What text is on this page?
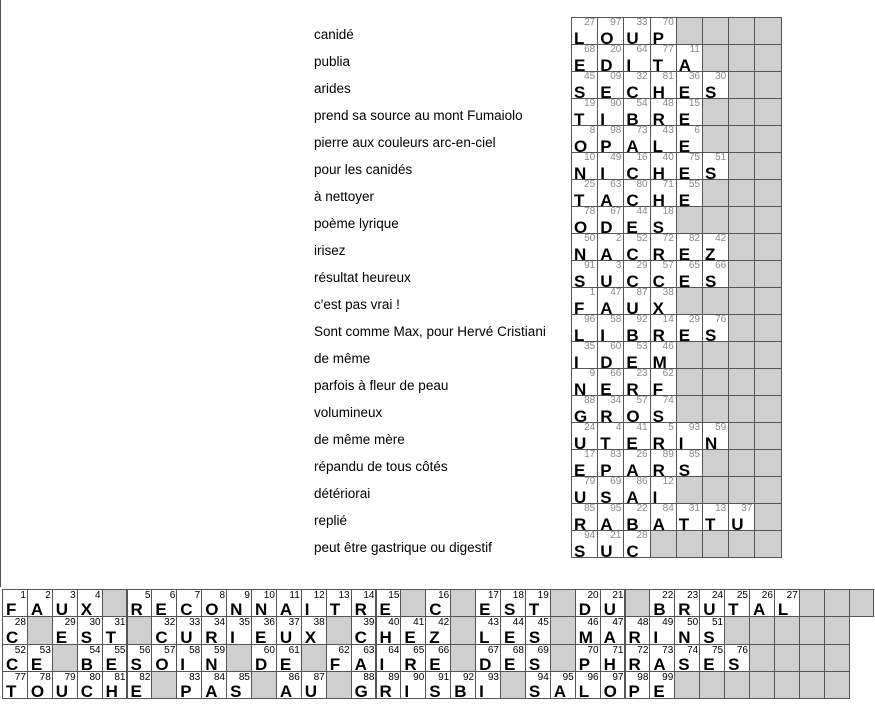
canidé
publia
arides
prend sa source au mont Fumaiolo
pierre aux couleurs arc-en-ciel
pour les canidés
à nettoyer
poème lyrique
irisez
résultat heureux
c'est pas vrai !
Sont comme Max, pour Hervé Cristiani
de même
parfois à fleur de peau
volumineux
de même mère
répandu de tous côtés
détériorai
replié
peut être gastrique ou digestif
27
L
97
O
33
U
70
P
68
E
20
D
64
I
77
T
11
A
45
S
09
E
32
C
81
H
36
E
30
S
19
T
90
I
54
B
48
R
15
E
8
O
98
P
73
A
43
L
6
E
10
N
49
I
16
C
40
H
75
E
51
S
25
T
63
A
80
C
71
H
55
E
78
O
67
D
44
E
18
S
50
N
2
A
52
C
72
R
82
E
42
Z
91
S
3
U
29
C
57
C
65
E
66
S
1
F
47
A
87
U
38
X
96
L
58
I
92
B
14
R
29
E
76
S
35
I
60
D
53
E
46
M
9
N
66
E
23
R
62
F
88
G
34
R
57
O
74
S
24
U
4
T
41
E
5
R
93
I
59
N
17
E
83
P
26
A
89
R
85
S
79
U
69
S
86
A
12
I
85
R
95
A
22
B
84
A
31
T
13
T
37
U
94
S
21
U
28
C
F
1
A
2
U
3
X
4
R
5
E
6
C
7
O
8
N
9
N
10
A
11
I
12
T
13
R
14
E
15
C
16
E
17
S
18
T
19
D
20
U
21
B
22
R
23
U
24
T
25
A
26
L
27
C
28
E
29
S
30
T
31
C
32
U
33
R
34
I
35
E
36
U
37
X
38
C
39
H
40
E
41
Z
42
L
43
E
44
S
45
M
46
A
47
R
48
I
49
N
50
S
51
C
52
E
53
B
54
E
55
S
56
O
57
I
58
N
59
D
60
E
61
F
62
A
63
I
64
R
65
E
66
D
67
E
68
S
69
P
70
H
71
R
72
A
73
S
74
E
75
S
76
T
77
O
78
U
79
C
80
H
81
E
82
P
83
A
84
S
85
A
86
U
87
G
88
R
89
I
90
S
91
B
92
I
93
S
94
A
95
L
96
O
97
P
98
E
99
